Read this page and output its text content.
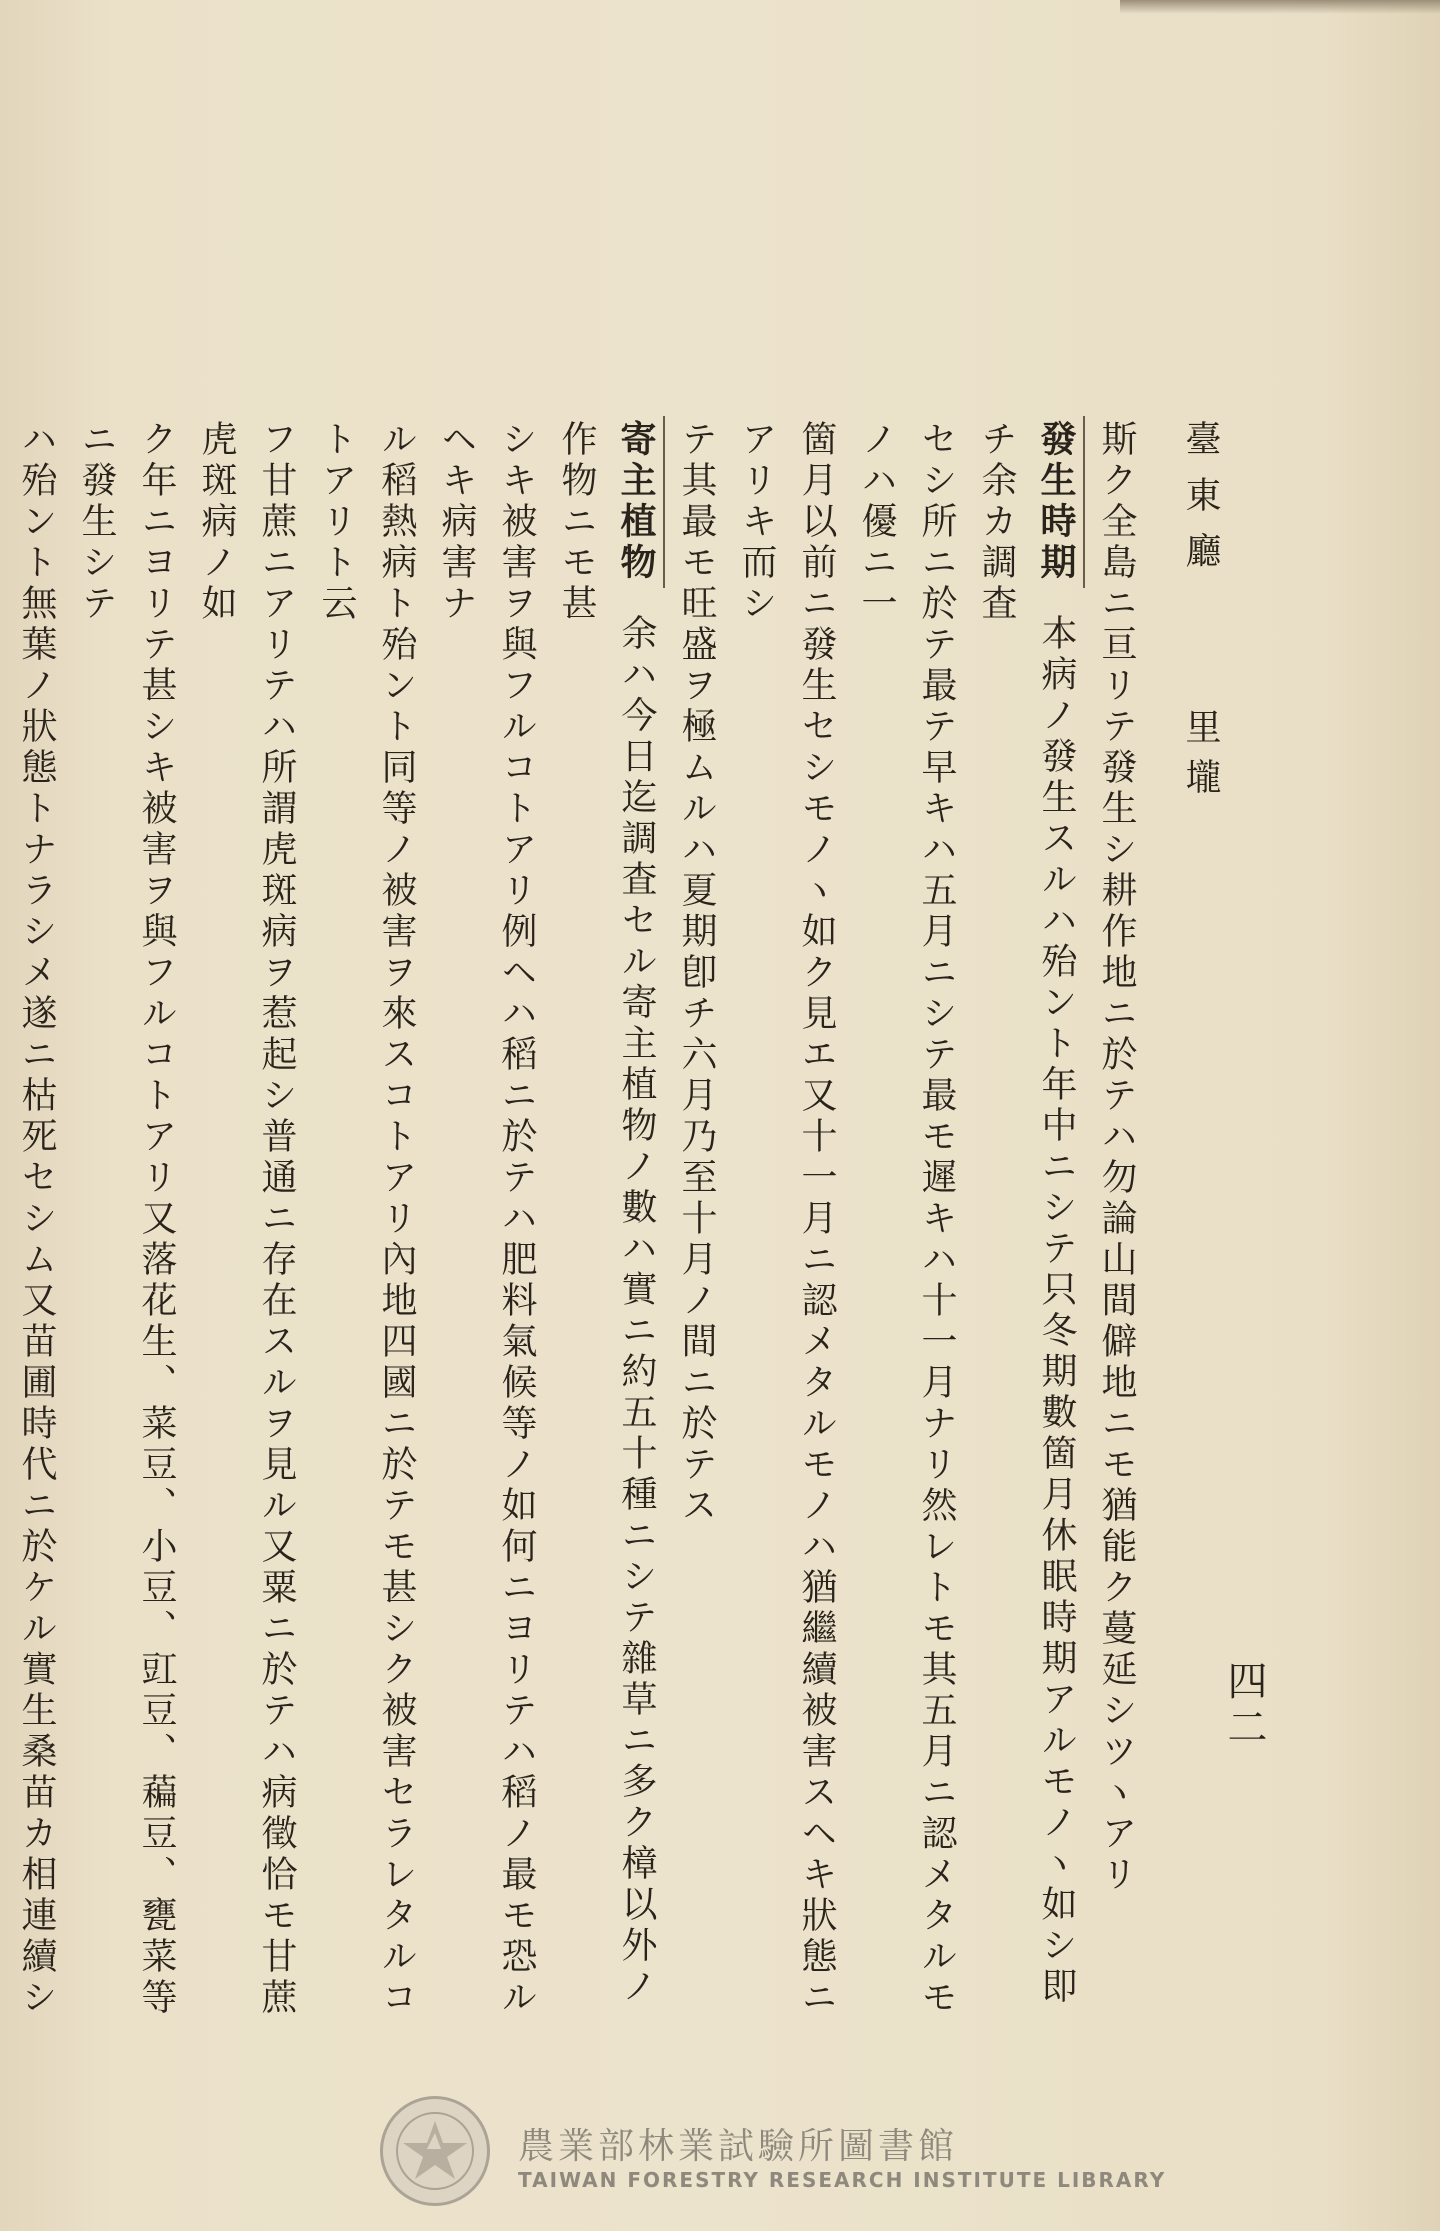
四二
臺東廳里壠
斯ク全島ニ亘リテ發生シ耕作地ニ於テハ勿論山間僻地ニモ猶能ク蔓延シツヽアリ
發生時期本病ノ發生スルハ殆ント年中ニシテ只冬期數箇月休眠時期アルモノヽ如シ即チ余カ調査
セシ所ニ於テ最テ早キハ五月ニシテ最モ遲キハ十一月ナリ然レトモ其五月ニ認メタルモノハ優ニ一
箇月以前ニ發生セシモノヽ如ク見エ又十一月ニ認メタルモノハ猶繼續被害スヘキ狀態ニアリキ而シ
テ其最モ旺盛ヲ極ムルハ夏期卽チ六月乃至十月ノ間ニ於テス
寄主植物余ハ今日迄調査セル寄主植物ノ數ハ實ニ約五十種ニシテ雜草ニ多ク樟以外ノ作物ニモ甚
シキ被害ヲ與フルコトアリ例ヘハ稻ニ於テハ肥料氣候等ノ如何ニヨリテハ稻ノ最モ恐ルヘキ病害ナ
ル稻熱病ト殆ント同等ノ被害ヲ來スコトアリ內地四國ニ於テモ甚シク被害セラレタルコトアリト云
フ甘蔗ニアリテハ所謂虎斑病ヲ惹起シ普通ニ存在スルヲ見ル又粟ニ於テハ病徵恰モ甘蔗虎斑病ノ如
ク年ニヨリテ甚シキ被害ヲ與フルコトアリ又落花生、菜豆、小豆、豇豆、藊豆、甕菜等ニ發生シテ
ハ殆ント無葉ノ狀態トナラシメ遂ニ枯死セシム又苗圃時代ニ於ケル實生桑苗カ相連續シ
農業部林業試驗所圖書館
TAIWAN FORESTRY RESEARCH INSTITUTE LIBRARY
